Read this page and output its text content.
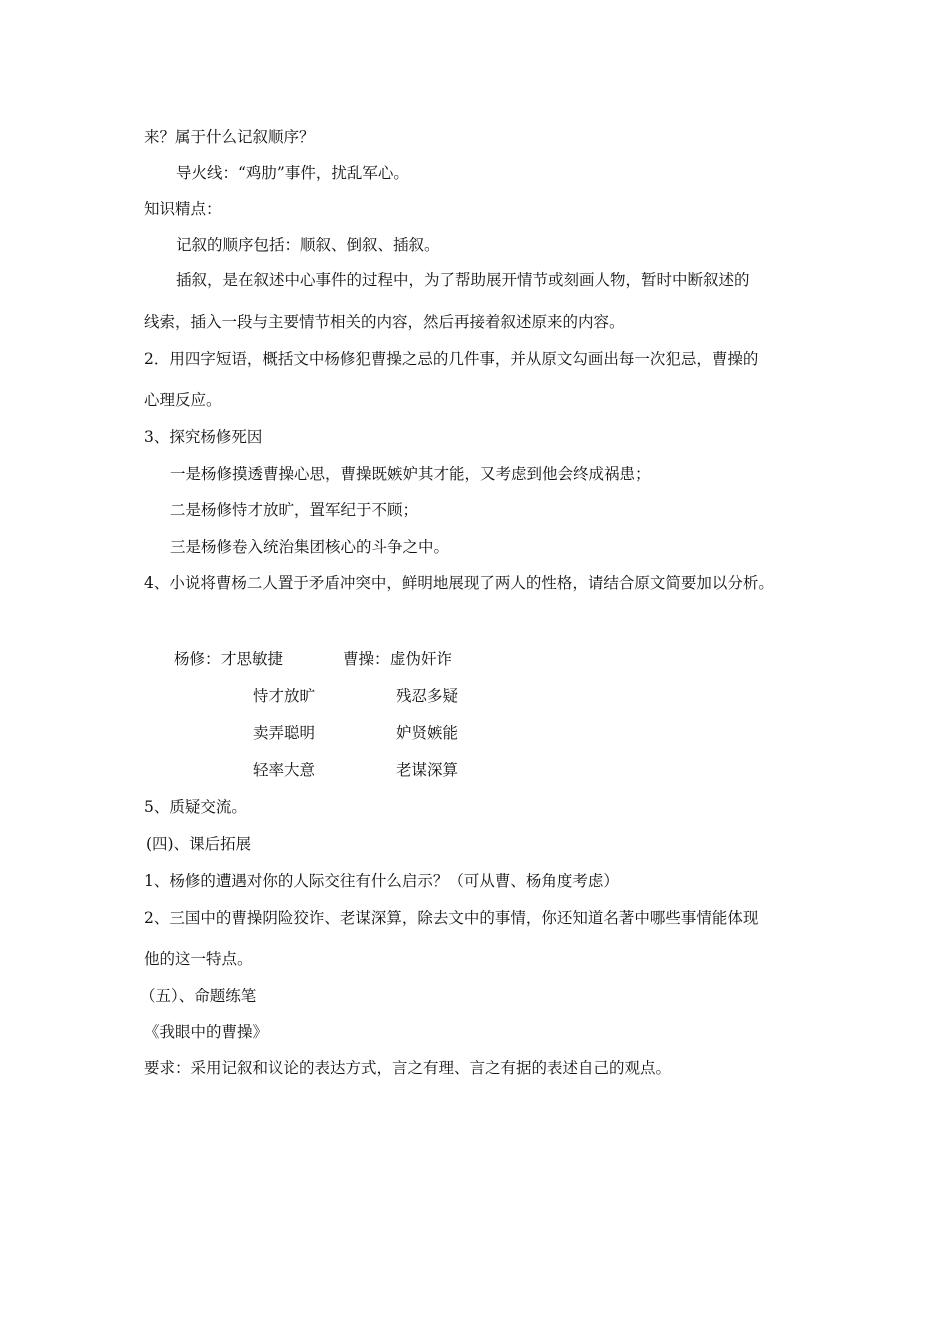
来？属于什么记叙顺序？
导火线：“鸡肋”事件，扰乱军心。
知识精点：
记叙的顺序包括：顺叙、倒叙、插叙。
插叙，是在叙述中心事件的过程中，为了帮助展开情节或刻画人物，暂时中断叙述的
线索，插入一段与主要情节相关的内容，然后再接着叙述原来的内容。
2．用四字短语，概括文中杨修犯曹操之忌的几件事，并从原文勾画出每一次犯忌，曹操的
心理反应。
3、探究杨修死因
一是杨修摸透曹操心思，曹操既嫉妒其才能，又考虑到他会终成祸患；
二是杨修恃才放旷，置军纪于不顾；
三是杨修卷入统治集团核心的斗争之中。
4、小说将曹杨二人置于矛盾冲突中，鲜明地展现了两人的性格，请结合原文简要加以分析。
杨修： 才思敏捷
恃才放旷
卖弄聪明
轻率大意
曹操： 虚伪奸诈
残忍多疑
妒贤嫉能
老谋深算
5、质疑交流。
(四)、课后拓展
1、杨修的遭遇对你的人际交往有什么启示？（可从曹、杨角度考虑）
2、三国中的曹操阴险狡诈、老谋深算，除去文中的事情，你还知道名著中哪些事情能体现
他的这一特点。
（五）、命题练笔
《我眼中的曹操》
要求：采用记叙和议论的表达方式，言之有理、言之有据的表述自己的观点。
